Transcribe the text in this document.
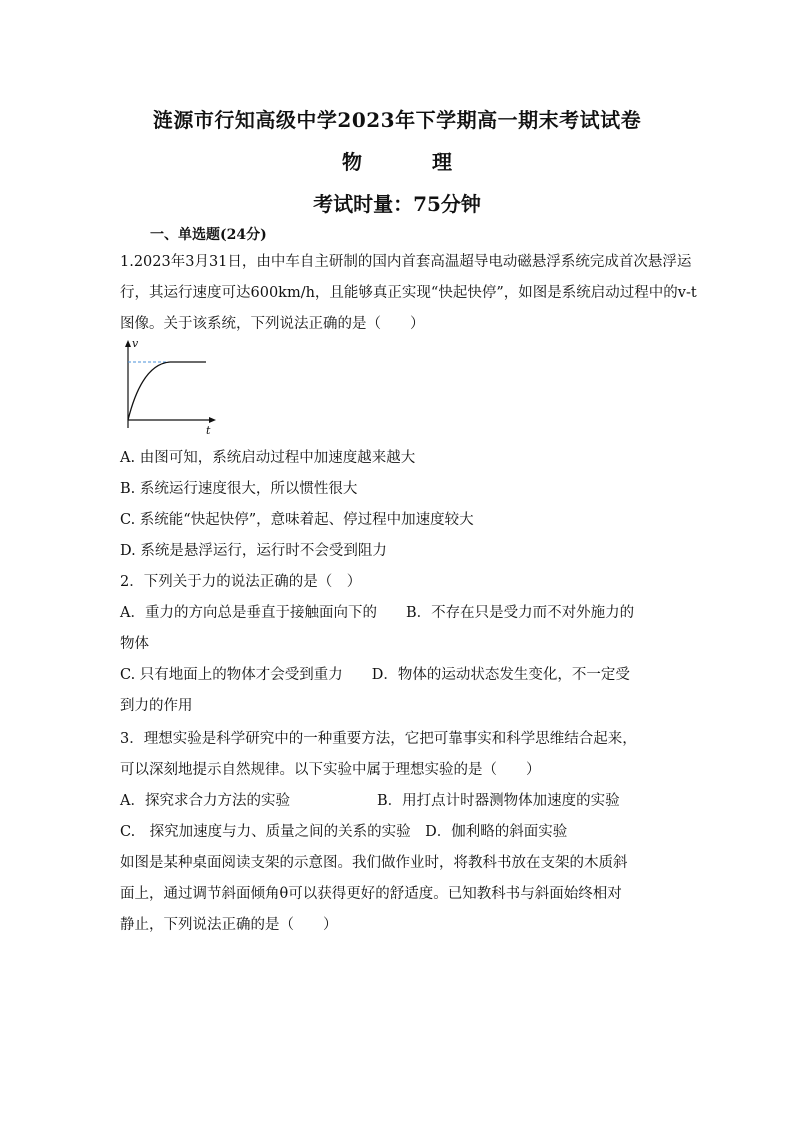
涟源市行知高级中学2023年下学期高一期末考试试卷
物	理
考试时量：75分钟
一、单选题(24分)
1.2023年3月31日，由中车自主研制的国内首套高温超导电动磁悬浮系统完成首次悬浮运
行，其运行速度可达600km/h，且能够真正实现“快起快停”，如图是系统启动过程中的v-t
图像。关于该系统，下列说法正确的是（　　）
v
t
A. 由图可知，系统启动过程中加速度越来越大
B. 系统运行速度很大，所以惯性很大
C. 系统能“快起快停”，意味着起、停过程中加速度较大
D. 系统是悬浮运行，运行时不会受到阻力
2．下列关于力的说法正确的是（　）
A．重力的方向总是垂直于接触面向下的　　B．不存在只是受力而不对外施力的
物体
C. 只有地面上的物体才会受到重力　　D．物体的运动状态发生变化，不一定受
到力的作用
3．理想实验是科学研究中的一种重要方法，它把可靠事实和科学思维结合起来，
可以深刻地提示自然规律。以下实验中属于理想实验的是（　　）
A．探究求合力方法的实验　　　　　　B．用打点计时器测物体加速度的实验
C.　探究加速度与力、质量之间的关系的实验　D．伽利略的斜面实验
如图是某种桌面阅读支架的示意图。我们做作业时，将教科书放在支架的木质斜
面上，通过调节斜面倾角θ可以获得更好的舒适度。已知教科书与斜面始终相对
静止，下列说法正确的是（　　）
